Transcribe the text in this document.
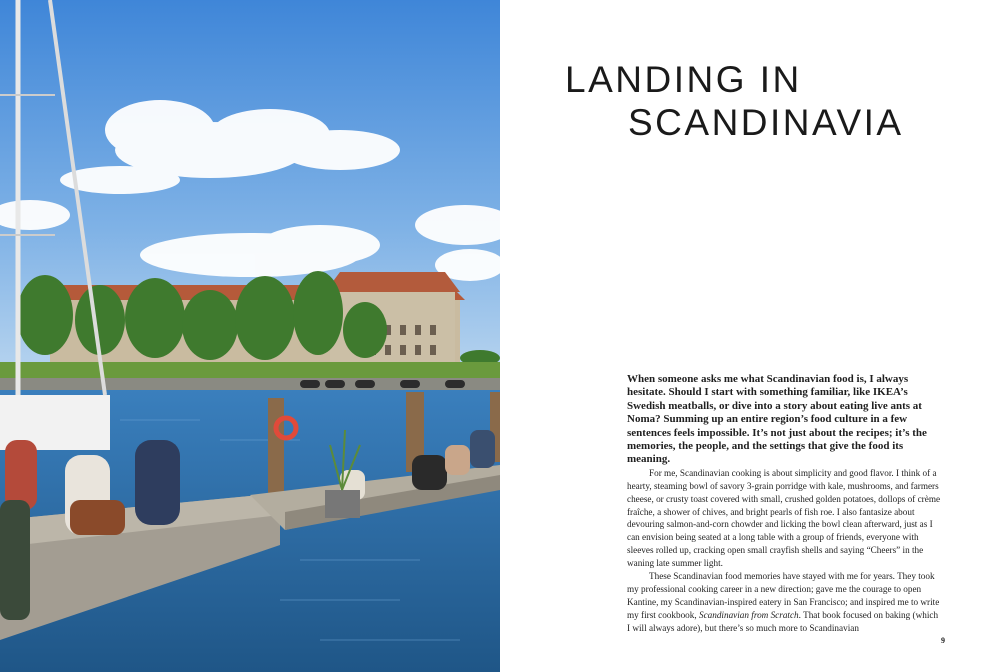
LANDING IN
SCANDINAVIA

When someone asks me what Scandinavian food is, I always hesitate. Should I start with something familiar, like IKEA’s Swedish meatballs, or dive into a story about eating live ants at Noma? Summing up an entire region’s food culture in a few sentences feels impossible. It’s not just about the recipes; it’s the memories, the people, and the settings that give the food its meaning.

For me, Scandinavian cooking is about simplicity and good flavor. I think of a hearty, steaming bowl of savory 3-grain porridge with kale, mushrooms, and farmers cheese, or crusty toast covered with small, crushed golden potatoes, dollops of crème fraîche, a shower of chives, and bright pearls of fish roe. I also fantasize about devouring salmon-and-corn chowder and licking the bowl clean afterward, just as I can envision being seated at a long table with a group of friends, everyone with sleeves rolled up, cracking open small crayfish shells and saying “Cheers” in the waning late summer light.

These Scandinavian food memories have stayed with me for years. They took my professional cooking career in a new direction; gave me the courage to open Kantine, my Scandinavian-inspired eatery in San Francisco; and inspired me to write my first cookbook, Scandinavian from Scratch. That book focused on baking (which I will always adore), but there’s so much more to Scandinavian

9
